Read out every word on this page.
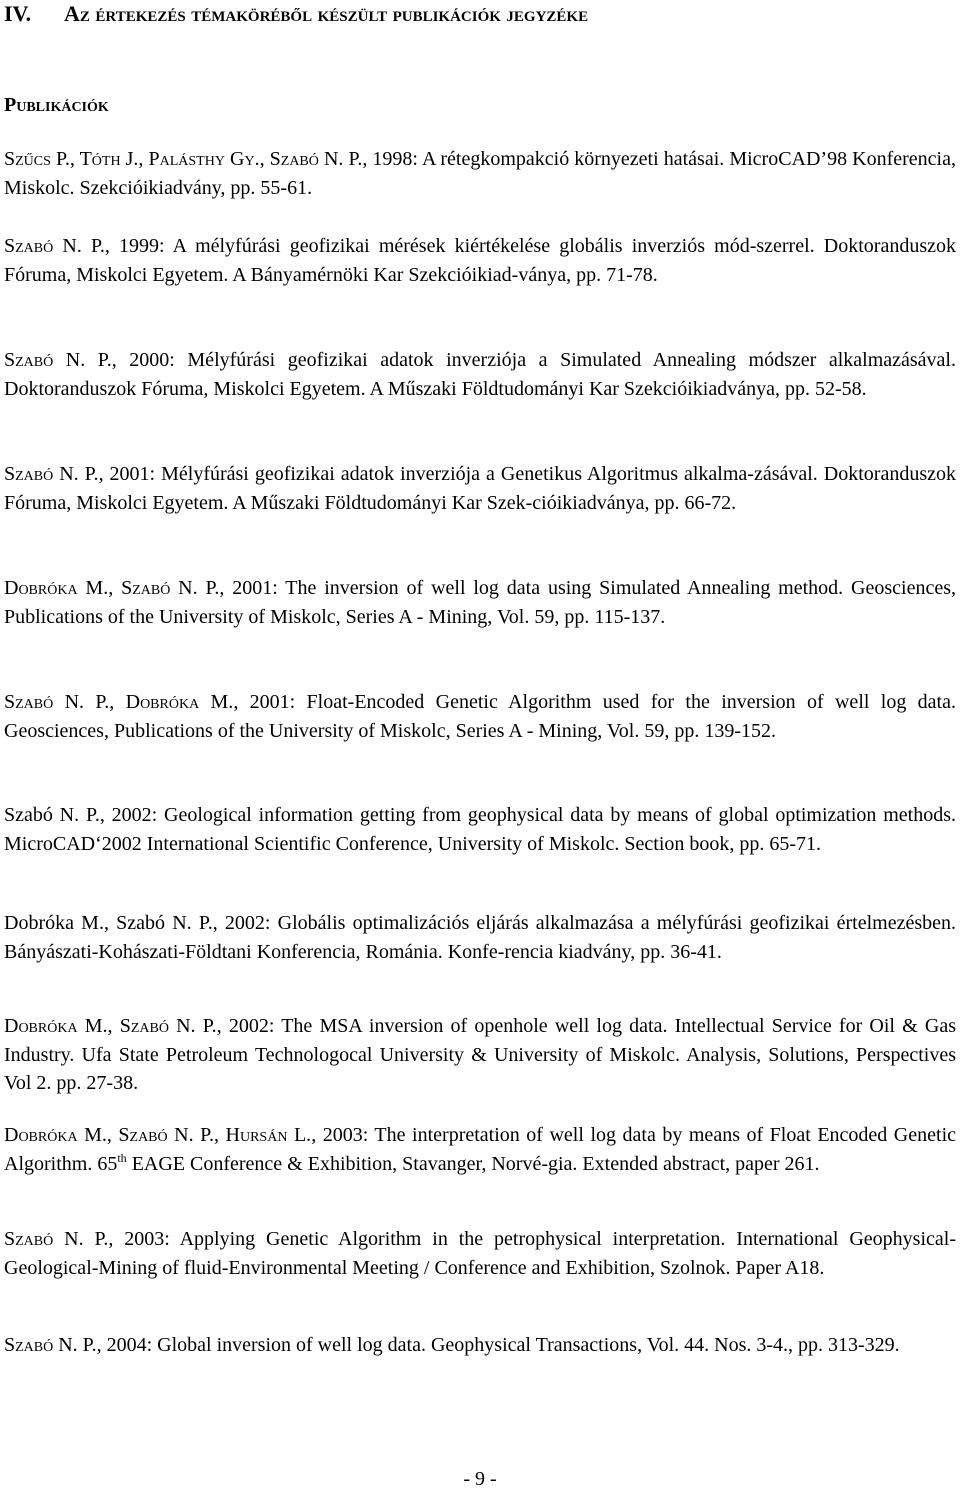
IV. Az értekezés témaköréből készült publikációk jegyzéke
Publikációk

Szűcs P., Tóth J., Palásthy Gy., Szabó N. P., 1998: A rétegkompakció környezeti hatásai. MicroCAD’98 Konferencia, Miskolc. Szekcióikiadvány, pp. 55-61.

Szabó N. P., 1999: A mélyfúrási geofizikai mérések kiértékelése globális inverziós mód-szerrel. Doktoranduszok Fóruma, Miskolci Egyetem. A Bányamérnöki Kar Szekcióikiad-ványa, pp. 71-78.

Szabó N. P., 2000: Mélyfúrási geofizikai adatok inverziója a Simulated Annealing módszer alkalmazásával. Doktoranduszok Fóruma, Miskolci Egyetem. A Műszaki Földtudományi Kar Szekcióikiadványa, pp. 52-58.

Szabó N. P., 2001: Mélyfúrási geofizikai adatok inverziója a Genetikus Algoritmus alkalma-zásával. Doktoranduszok Fóruma, Miskolci Egyetem. A Műszaki Földtudományi Kar Szek-cióikiadványa, pp. 66-72.

Dobróka M., Szabó N. P., 2001: The inversion of well log data using Simulated Annealing method. Geosciences, Publications of the University of Miskolc, Series A - Mining, Vol. 59, pp. 115-137.

Szabó N. P., Dobróka M., 2001: Float-Encoded Genetic Algorithm used for the inversion of well log data. Geosciences, Publications of the University of Miskolc, Series A - Mining, Vol. 59, pp. 139-152.

Szabó N. P., 2002: Geological information getting from geophysical data by means of global optimization methods. MicroCAD‘2002 International Scientific Conference, University of Miskolc. Section book, pp. 65-71.

Dobróka M., Szabó N. P., 2002: Globális optimalizációs eljárás alkalmazása a mélyfúrási geofizikai értelmezésben. Bányászati-Kohászati-Földtani Konferencia, Románia. Konfe-rencia kiadvány, pp. 36-41.

Dobróka M., Szabó N. P., 2002: The MSA inversion of openhole well log data. Intellectual Service for Oil & Gas Industry. Ufa State Petroleum Technologocal University & University of Miskolc. Analysis, Solutions, Perspectives Vol 2. pp. 27-38.

Dobróka M., Szabó N. P., Hursán L., 2003: The interpretation of well log data by means of Float Encoded Genetic Algorithm. 65th EAGE Conference & Exhibition, Stavanger, Norvé-gia. Extended abstract, paper 261.

Szabó N. P., 2003: Applying Genetic Algorithm in the petrophysical interpretation. International Geophysical-Geological-Mining of fluid-Environmental Meeting / Conference and Exhibition, Szolnok. Paper A18.

Szabó N. P., 2004: Global inversion of well log data. Geophysical Transactions, Vol. 44. Nos. 3-4., pp. 313-329.

- 9 -
